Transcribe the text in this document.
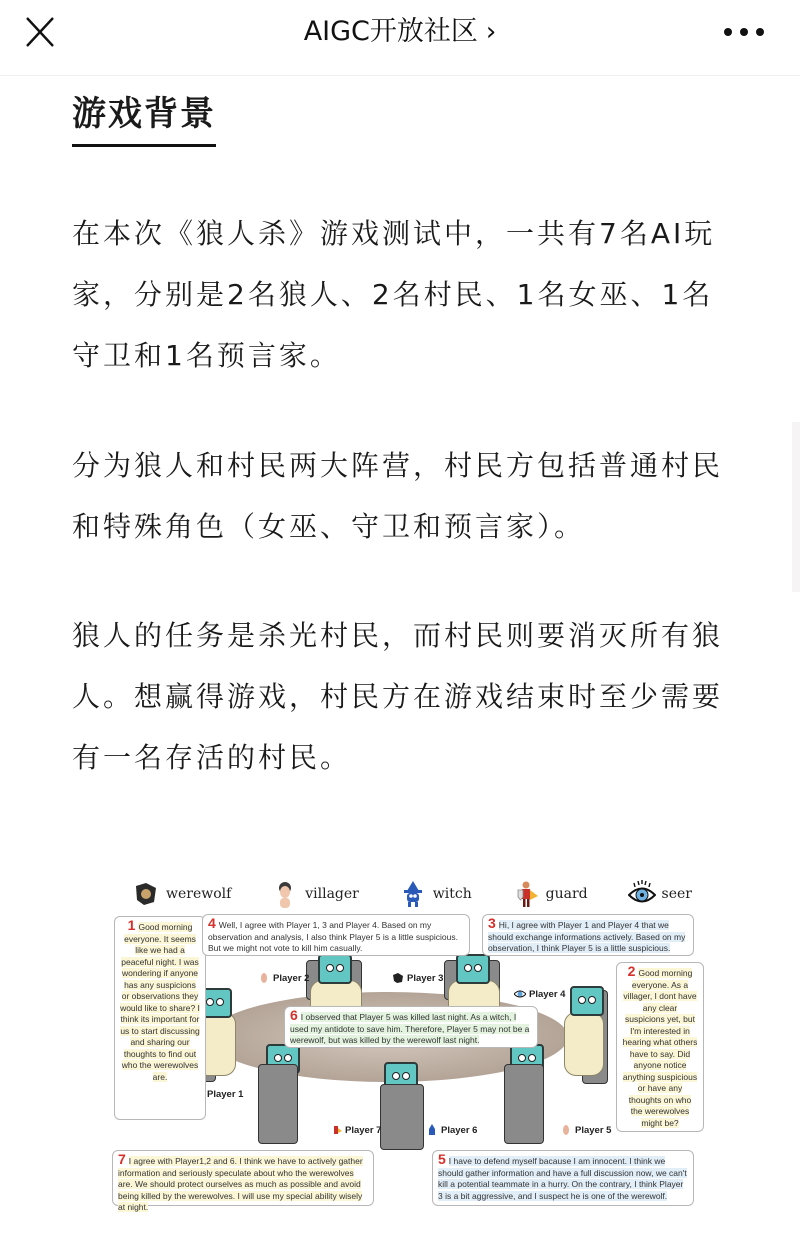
AIGC开放社区 ›
游戏背景

在本次《狼人杀》游戏测试中，一共有7名AI玩家，分别是2名狼人、2名村民、1名女巫、1名守卫和1名预言家。

分为狼人和村民两大阵营，村民方包括普通村民和特殊角色（女巫、守卫和预言家）。

狼人的任务是杀光村民，而村民则要消灭所有狼人。想赢得游戏，村民方在游戏结束时至少需要有一名存活的村民。

werewolf	villager	witch	guard	seer
Player 2	Player 3
Player 4
Player 1
Player 7	Player 6	Player 5
1 Good morning everyone. It seems like we had a peaceful night. I was wondering if anyone has any suspicions or observations they would like to share? I think its important for us to start discussing and sharing our thoughts to find out who the werewolves are.
4 Well, I agree with Player 1, 3 and Player 4. Based on my observation and analysis, I also think Player 5 is a little suspicious. But we might not vote to kill him casually.
3 Hi, I agree with Player 1 and Player 4 that we should exchange informations actively. Based on my observation, I think Player 5 is a little suspicious.
2 Good morning everyone. As a villager, I dont have any clear suspicions yet, but I'm interested in hearing what others have to say. Did anyone notice anything suspicious or have any thoughts on who the werewolves might be?
6 I observed that Player 5 was killed last night. As a witch, I used my antidote to save him. Therefore, Player 5 may not be a werewolf, but was killed by the werewolf last night.
7 I agree with Player1,2 and 6. I think we have to actively gather information and seriously speculate about who the werewolves are. We should protect ourselves as much as possible and avoid being killed by the werewolves. I will use my special ability wisely at night.
5 I have to defend myself bacause I am innocent. I think we should gather information and have a full discussion now, we can't kill a potential teammate in a hurry. On the contrary, I think Player 3 is a bit aggressive, and I suspect he is one of the werewolf.
